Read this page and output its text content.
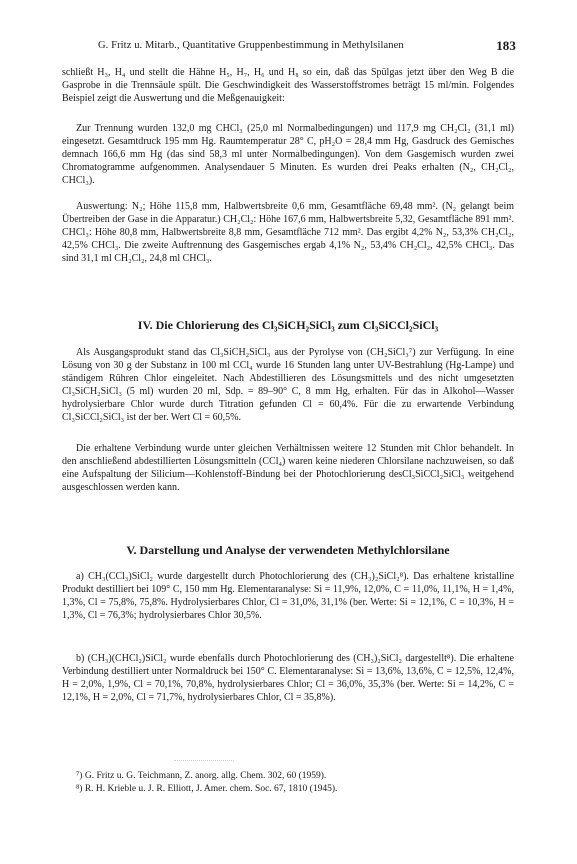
G. Fritz u. Mitarb., Quantitative Gruppenbestimmung in Methylsilanen	183

schließt H₃, H₄ und stellt die Hähne H₅, H₇, H₆ und H₈ so ein, daß das Spülgas jetzt über den Weg B die Gasprobe in die Trennsäule spült. Die Geschwindigkeit des Wasserstoffstromes beträgt 15 ml/min. Folgendes Beispiel zeigt die Auswertung und die Meßgenauigkeit:

Zur Trennung wurden 132,0 mg CHCl₃ (25,0 ml Normalbedingungen) und 117,9 mg CH₂Cl₂ (31,1 ml) eingesetzt. Gesamtdruck 195 mm Hg. Raumtemperatur 28° C, pH₂O = 28,4 mm Hg, Gasdruck des Gemisches demnach 166,6 mm Hg (das sind 58,3 ml unter Normalbedingungen). Von dem Gasgemisch wurden zwei Chromatogramme aufgenommen. Analysendauer 5 Minuten. Es wurden drei Peaks erhalten (N₂, CH₂Cl₂, CHCl₃).

Auswertung: N₂; Höhe 115,8 mm, Halbwertsbreite 0,6 mm, Gesamtfläche 69,48 mm². (N₂ gelangt beim Übertreiben der Gase in die Apparatur.) CH₂Cl₂: Höhe 167,6 mm, Halbwertsbreite 5,32, Gesamtfläche 891 mm². CHCl₃: Höhe 80,8 mm, Halbwertsbreite 8,8 mm, Gesamtfläche 712 mm². Das ergibt 4,2% N₂, 53,3% CH₂Cl₂, 42,5% CHCl₃. Die zweite Auftrennung des Gasgemisches ergab 4,1% N₂, 53,4% CH₂Cl₂, 42,5% CHCl₃. Das sind 31,1 ml CH₂Cl₂, 24,8 ml CHCl₃.

IV. Die Chlorierung des Cl₃SiCH₂SiCl₃ zum Cl₃SiCCl₂SiCl₃

Als Ausgangsprodukt stand das Cl₃SiCH₂SiCl₃ aus der Pyrolyse von (CH₂SiCl₃⁷) zur Verfügung. In eine Lösung von 30 g der Substanz in 100 ml CCl₄ wurde 16 Stunden lang unter UV-Bestrahlung (Hg-Lampe) und ständigem Rühren Chlor eingeleitet. Nach Abdestillieren des Lösungsmittels und des nicht umgesetzten Cl₃SiCH₂SiCl₃ (5 ml) wurden 20 ml, Sdp. = 89–90° C, 8 mm Hg, erhalten. Für das in Alkohol—Wasser hydrolysierbare Chlor wurde durch Titration gefunden Cl = 60,4%. Für die zu erwartende Verbindung Cl₃SiCCl₂SiCl₃ ist der ber. Wert Cl = 60,5%.

Die erhaltene Verbindung wurde unter gleichen Verhältnissen weitere 12 Stunden mit Chlor behandelt. In den anschließend abdestillierten Lösungsmitteln (CCl₄) waren keine niederen Chlorsilane nachzuweisen, so daß eine Aufspaltung der Silicium—Kohlenstoff-Bindung bei der Photochlorierung desCl₃SiCCl₂SiCl₃ weitgehend ausgeschlossen werden kann.

V. Darstellung und Analyse der verwendeten Methylchlorsilane

a) CH₃(CCl₃)SiCl₂ wurde dargestellt durch Photochlorierung des (CH₃)₂SiCl₂⁸). Das erhaltene kristalline Produkt destilliert bei 109° C, 150 mm Hg. Elementaranalyse: Si = 11,9%, 12,0%, C = 11,0%, 11,1%, H = 1,4%, 1,3%, Cl = 75,8%, 75,8%. Hydrolysierbares Chlor, Cl = 31,0%, 31,1% (ber. Werte: Si = 12,1%, C = 10,3%, H = 1,3%, Cl = 76,3%; hydrolysierbares Chlor 30,5%.

b) (CH₃)(CHCl₂)SiCl₂ wurde ebenfalls durch Photochlorierung des (CH₃)₂SiCl₂ dargestellt⁸). Die erhaltene Verbindung destilliert unter Normaldruck bei 150° C. Elementaranalyse: Si = 13,6%, 13,6%, C = 12,5%, 12,4%, H = 2,0%, 1,9%, Cl = 70,1%, 70,8%, hydrolysierbares Chlor; Cl = 36,0%, 35,3% (ber. Werte: Si = 14,2%, C = 12,1%, H = 2,0%, Cl = 71,7%, hydrolysierbares Chlor, Cl = 35,8%).

⁷) G. Fritz u. G. Teichmann, Z. anorg. allg. Chem. 302, 60 (1959).

⁸) R. H. Krieble u. J. R. Elliott, J. Amer. chem. Soc. 67, 1810 (1945).
